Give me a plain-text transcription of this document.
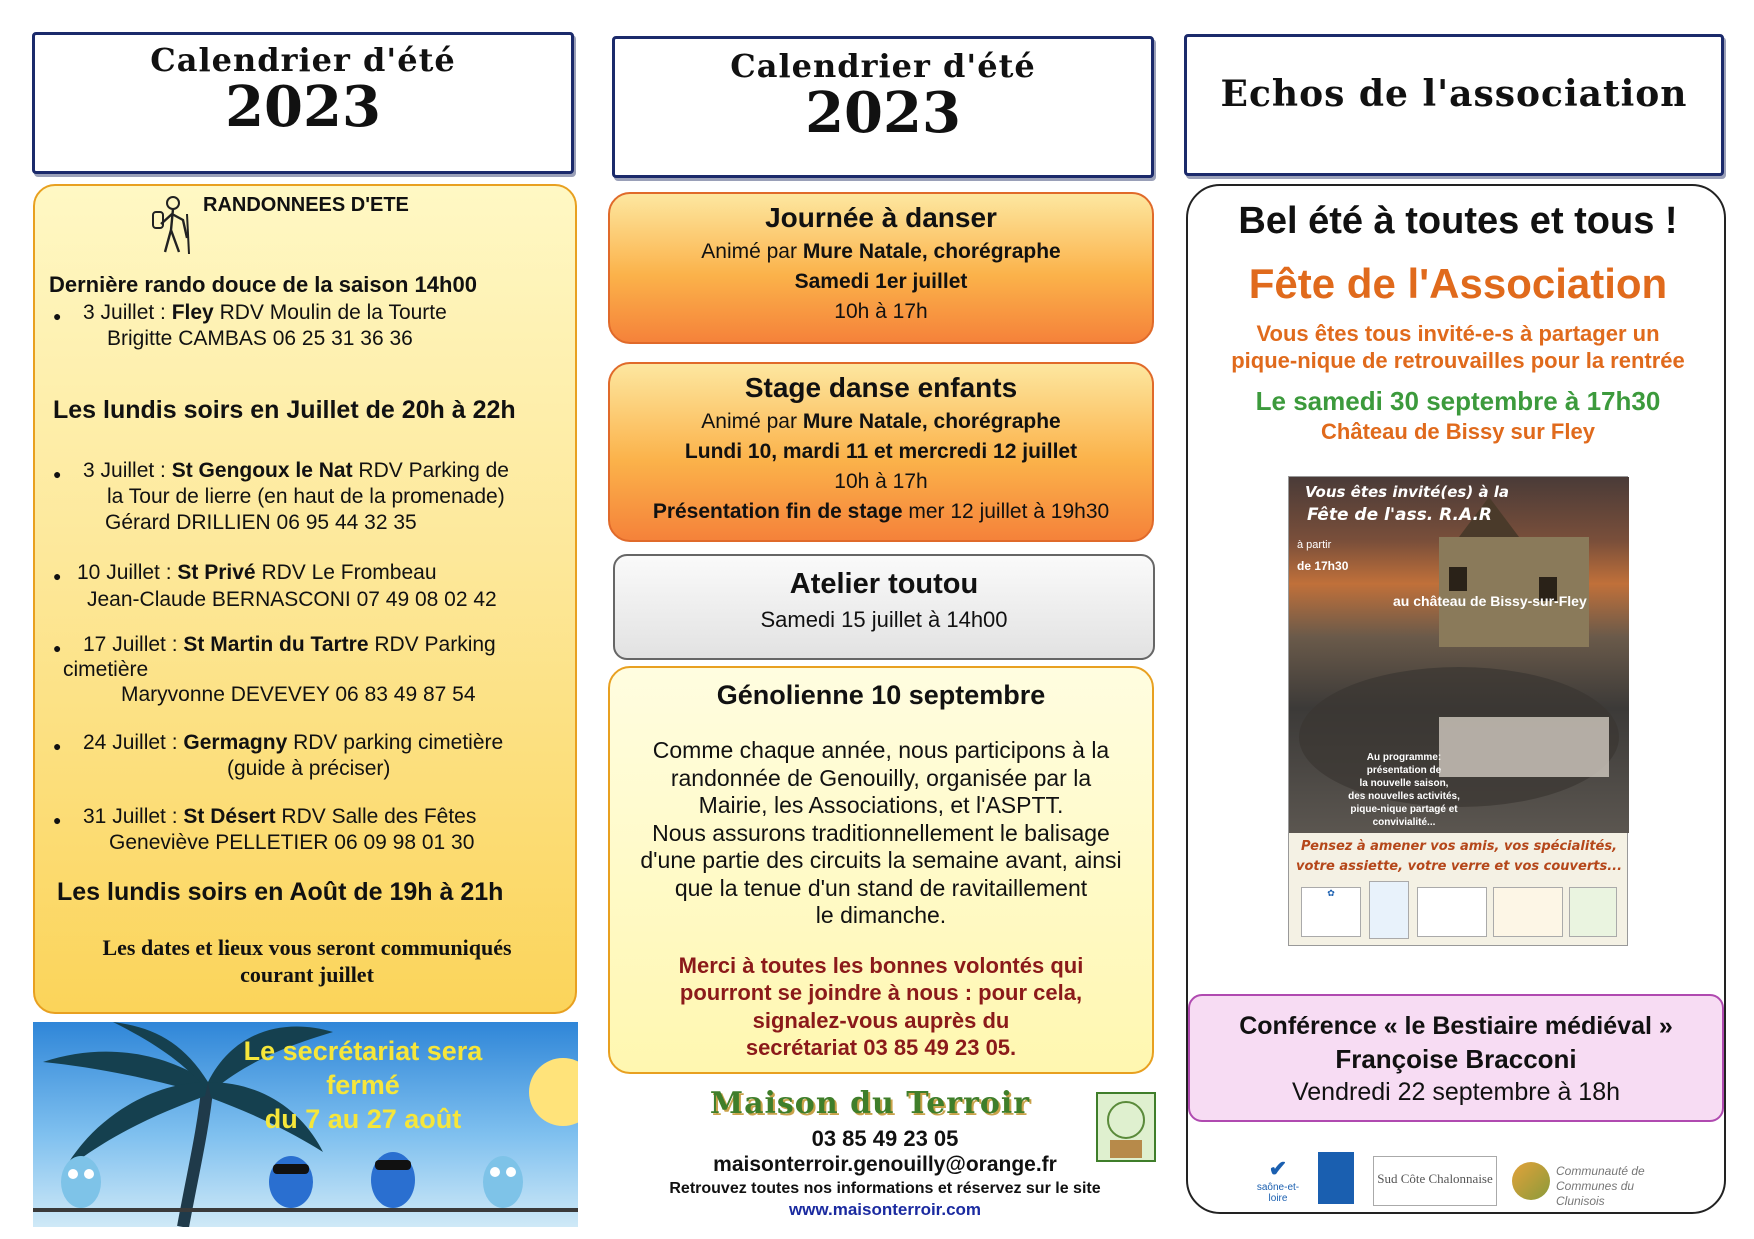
Calendrier d'été
2023
RANDONNEES D'ETE
Dernière rando douce de la saison 14h00
● 3 Juillet : Fley RDV Moulin de la Tourte
Brigitte CAMBAS 06 25 31 36 36
Les lundis soirs en Juillet de 20h à 22h
● 3 Juillet : St Gengoux le Nat RDV Parking de
la Tour de lierre (en haut de la promenade)
Gérard DRILLIEN 06 95 44 32 35
● 10 Juillet : St Privé RDV Le Frombeau
Jean-Claude BERNASCONI 07 49 08 02 42
● 17 Juillet : St Martin du Tartre RDV Parking
cimetière
Maryvonne DEVEVEY 06 83 49 87 54
● 24 Juillet : Germagny RDV parking cimetière
(guide à préciser)
● 31 Juillet : St Désert RDV Salle des Fêtes
Geneviève PELLETIER 06 09 98 01 30
Les lundis soirs en Août de 19h à 21h
Les dates et lieux vous seront communiqués
courant juillet
Le secrétariat sera
fermé
du 7 au 27 août
Calendrier d'été
2023
Journée à danser
Animé par Mure Natale, chorégraphe
Samedi 1er juillet
10h à 17h
Stage danse enfants
Animé par Mure Natale, chorégraphe
Lundi 10, mardi 11 et mercredi 12 juillet
10h à 17h
Présentation fin de stage mer 12 juillet à 19h30
Atelier toutou
Samedi 15 juillet à 14h00
Génolienne 10 septembre
Comme chaque année, nous participons à la
randonnée de Genouilly, organisée par la
Mairie, les Associations, et l'ASPTT.
Nous assurons traditionnellement le balisage
d'une partie des circuits la semaine avant, ainsi
que la tenue d'un stand de ravitaillement
le dimanche.
Merci à toutes les bonnes volontés qui
pourront se joindre à nous : pour cela,
signalez-vous auprès du
secrétariat 03 85 49 23 05.
Maison du Terroir
03 85 49 23 05
maisonterroir.genouilly@orange.fr
Retrouvez toutes nos informations et réservez sur le site
www.maisonterroir.com
Echos de l'association
Bel été à toutes et tous !
Fête de l'Association
Vous êtes tous invité-e-s à partager un
pique-nique de retrouvailles pour la rentrée
Le samedi 30 septembre à 17h30
Château de Bissy sur Fley
Vous êtes invité(es) à la
Fête de l'ass. R.A.R
à partir
de 17h30
au château de Bissy-sur-Fley
Au programme:
présentation de
la nouvelle saison,
des nouvelles activités,
pique-nique partagé et convivialité...
Pensez à amener vos amis, vos spécialités,
votre assiette, votre verre et vos couverts...
✿
Conférence « le Bestiaire médiéval »
Françoise Bracconi
Vendredi 22 septembre à 18h
✔
saône-et-loire
Sud Côte Chalonnaise	Communauté de Communes du Clunisois
